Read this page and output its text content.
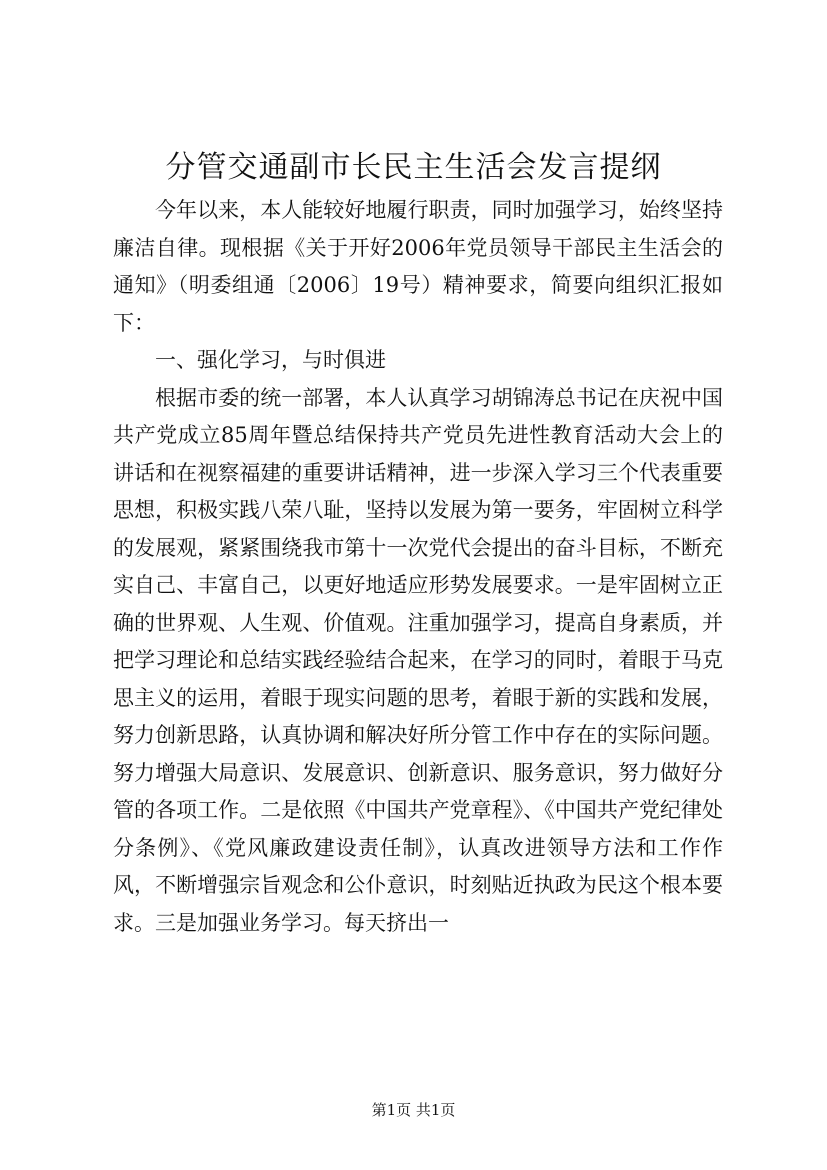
分管交通副市长民主生活会发言提纲

今年以来，本人能较好地履行职责，同时加强学习，始终坚持廉洁自律。现根据《关于开好2006年党员领导干部民主生活会的通知》（明委组通〔2006〕19号）精神要求，简要向组织汇报如下：

一、强化学习，与时俱进

根据市委的统一部署，本人认真学习胡锦涛总书记在庆祝中国共产党成立85周年暨总结保持共产党员先进性教育活动大会上的讲话和在视察福建的重要讲话精神，进一步深入学习三个代表重要思想，积极实践八荣八耻，坚持以发展为第一要务，牢固树立科学的发展观，紧紧围绕我市第十一次党代会提出的奋斗目标，不断充实自己、丰富自己，以更好地适应形势发展要求。一是牢固树立正确的世界观、人生观、价值观。注重加强学习，提高自身素质，并把学习理论和总结实践经验结合起来，在学习的同时，着眼于马克思主义的运用，着眼于现实问题的思考，着眼于新的实践和发展，努力创新思路，认真协调和解决好所分管工作中存在的实际问题。努力增强大局意识、发展意识、创新意识、服务意识，努力做好分管的各项工作。二是依照《中国共产党章程》、《中国共产党纪律处分条例》、《党风廉政建设责任制》，认真改进领导方法和工作作风，不断增强宗旨观念和公仆意识，时刻贴近执政为民这个根本要求。三是加强业务学习。每天挤出一

第1页 共1页
